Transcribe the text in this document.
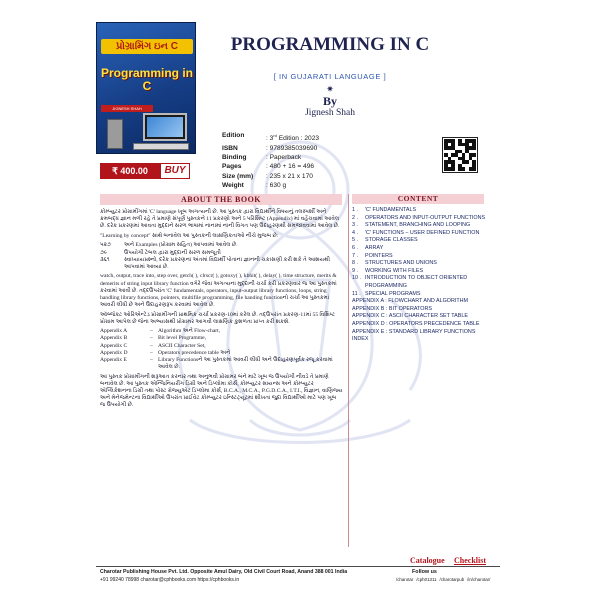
પ્રોગ્રામિંગ ઇન C
Programming in C
JIGNESH SHAH
PROGRAMMING IN C
[ IN GUJARATI LANGUAGE ]
✷
By
Jignesh Shah
Edition	: 3rd Edition : 2023
ISBN	: 9789385039690
Binding	: Paperback
Pages	: 480 + 16 = 496
Size (mm)	: 235 x 21 x 170
Weight	: 630 g
₹ 400.00	BUY
ABOUT THE BOOK

કોમ્પ્યુટર પ્રોગ્રામીંગમાં 'C' language ખૂબ અગત્યની છે. આ પુસ્તક દ્વારા વિદ્યાર્થીને વિષયનું તલસ્પર્શી અને ક્રમબદ્ધ જ્ઞાન મળી રહે તે પ્રમાણે સંપૂર્ણ પુસ્તકને 11 પ્રકરણો અને 5 પરિશિષ્ટ (Appendix) માં વહેંચવામાં આવેલ છે. દરેક પ્રકરણમાં આવતા મુદ્દાને સરળ ભાષામાં નાનામાં નાની વિગત પણ ઉદાહરણથી સમજાવવામાં આવેલ છે.

"Learning by concept" સાથે બનાવેલ આ પુસ્તકની લાક્ષણિકતાઓ નીચે મુજબ છે:

૫૨૭	અને Examples (પ્રોગ્રામ સહિત) આપવામાં આવેલ છે.
૭૯	ઉપયોગી ટેબલ દ્વારા મુદ્દાની સરળ સમજૂતી
૩૬૧	સ્વાધ્યાયપ્રશ્નો, દરેક પ્રકરણના અંતમાં વિદ્યાર્થી પોતાના જ્ઞાનની ચકાસણી કરી શકે તે આશયથી આપવામાં આવ્યા છે.

watch, output, trace into, step over, getch( ), clrscr( ), gotoxy( ), kbhit( ), delay( ), time structure, merits & demerits of string input library function વગેરે જેવા અગત્યના મુદ્દાની ચર્ચા કરી પ્રકરણવાર જ આ પુસ્તકમાં કરવામાં આવી છે. તદ્દઉપરાંત 'C' fundamentals, operators, input-output library functions, loops, string handling library functions, pointers, multifile programming, file handing functionનો ચર્ચા આ પુસ્તકમાં આવરી લીધી છે અને ઉદાહરણરૂપ કરવામાં આવેલ છે.

ઑબ્જેક્ટ ઓરિએન્ટેડ પ્રોગ્રામીંગની પ્રાથમિક ચર્ચા પ્રકરણ-10માં કરેલ છે. તદ્ઉપરાંત પ્રકરણ-11માં 55 વિશિષ્ટ પ્રોગ્રામ આપેલ છે જેના અભ્યાસથી પ્રોગ્રામર આગવી લાક્ષણિક કુશળતા પ્રાપ્ત કરી શકશે.

Appendix A	– Algorithm અને Flow-chart,
Appendix B	– Bit level Programme,
Appendix C	– ASCII Character Set,
Appendix D	– Operators precedence table અને
Appendix E	– Library Functionsને આ પુસ્તકમાં આવરી લીધી અને ઉદાહરણપૂર્વક રજૂ કરવામાં આવેલ છે.

આ પુસ્તક પ્રોગ્રામીંગની શરૂઆત કરનાર તથા અનુભવી પ્રોગ્રામર બંને માટે ખૂબ જ ઉપયોગી નીવડે તે પ્રમાણે બનાવેલ છે. આ પુસ્તક એન્જિનિયરીંગ ડિગ્રી અને ડિપ્લોમા કોર્સ, કોમ્પ્યુટર સાયન્સ અને કોમ્પ્યુટર એપ્લિકેશનના ડિગ્રી તથા પોસ્ટ ગ્રેજ્યુએટ ડિપ્લોમા કોર્સ, B.C.A., M.C.A., P.G.D.C.A., I.T.I., વિજ્ઞાન, વાણિજ્ય અને મેનેજમેન્ટના વિદ્યાર્થીઓ ઉપરાંત પ્રાઈવેટ કોમ્પ્યુટર ઇન્સ્ટિટ્યૂટમાં શીખતા જુદા વિદ્યાર્થીઓ માટે પણ ખૂબ જ ઉપયોગી છે.

CONTENT
1 .	'C' FUNDAMENTALS
2 .	OPERATORS AND INPUT-OUTPUT FUNCTIONS
3 .	STATEMENT, BRANCHING AND LOOPING
4 .	'C' FUNCTIONS – USER DEFINED FUNCTION
5 .	STORAGE CLASSES
6 .	ARRAY
7 .	POINTERS
8 .	STRUCTURES AND UNIONS
9 .	WORKING WITH FILES
10 . INTRODUCTION TO OBJECT ORIENTED PROGRAMMING
11 . SPECIAL PROGRAMS
APPENDIX A : FLOWCHART AND ALGORITHM
APPENDIX B : BIT OPERATORS
APPENDIX C : ASCII CHARACTER SET TABLE
APPENDIX D : OPERATORS PRECEDENCE TABLE
APPENDIX E : STANDARD LIBRARY FUNCTIONS
INDEX
Catalogue Checklist
Charotar Publishing House Pvt. Ltd. Opposite Amul Dairy, Old Civil Court Road, Anand 388 001 India
+91 99240 78998 charotar@cphbooks.com https://cphbooks.in
Follow us
/charotar /cph01311 /charotarpub /in/charotar/
